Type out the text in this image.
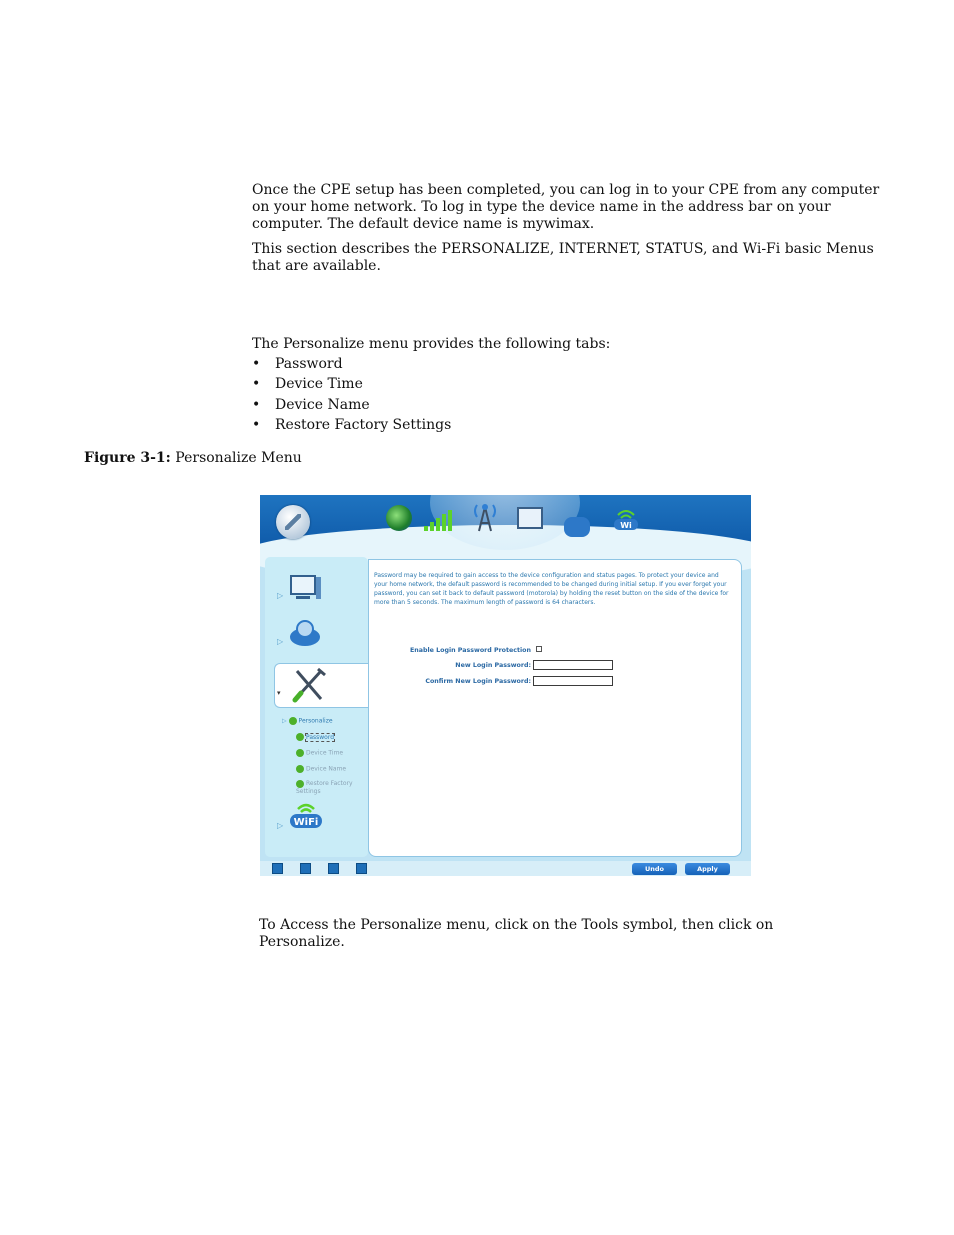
Once the CPE setup has been completed, you can log in to your CPE from any computer on your home network. To log in type the device name in the address bar on your computer. The default device name is mywimax.

This section describes the PERSONALIZE, INTERNET, STATUS, and Wi-Fi basic Menus that are available.

The Personalize menu provides the following tabs:

• Password
• Device Time
• Device Name
• Restore Factory Settings
Figure 3-1: Personalize Menu
Wi
▷
▷
▾
▷ Personalize
Password
Device Time
Device Name
Restore Factory Settings
WiFi
▷

Password may be required to gain access to the device configuration and status pages. To protect your device and your home network, the default password is recommended to be changed during initial setup. If you ever forget your password, you can set it back to default password (motorola) by holding the reset button on the side of the device for more than 5 seconds. The maximum length of password is 64 characters.

Enable Login Password Protection
New Login Password:
Confirm New Login Password:
Undo	Apply

To Access the Personalize menu, click on the Tools symbol, then click on Personalize.
